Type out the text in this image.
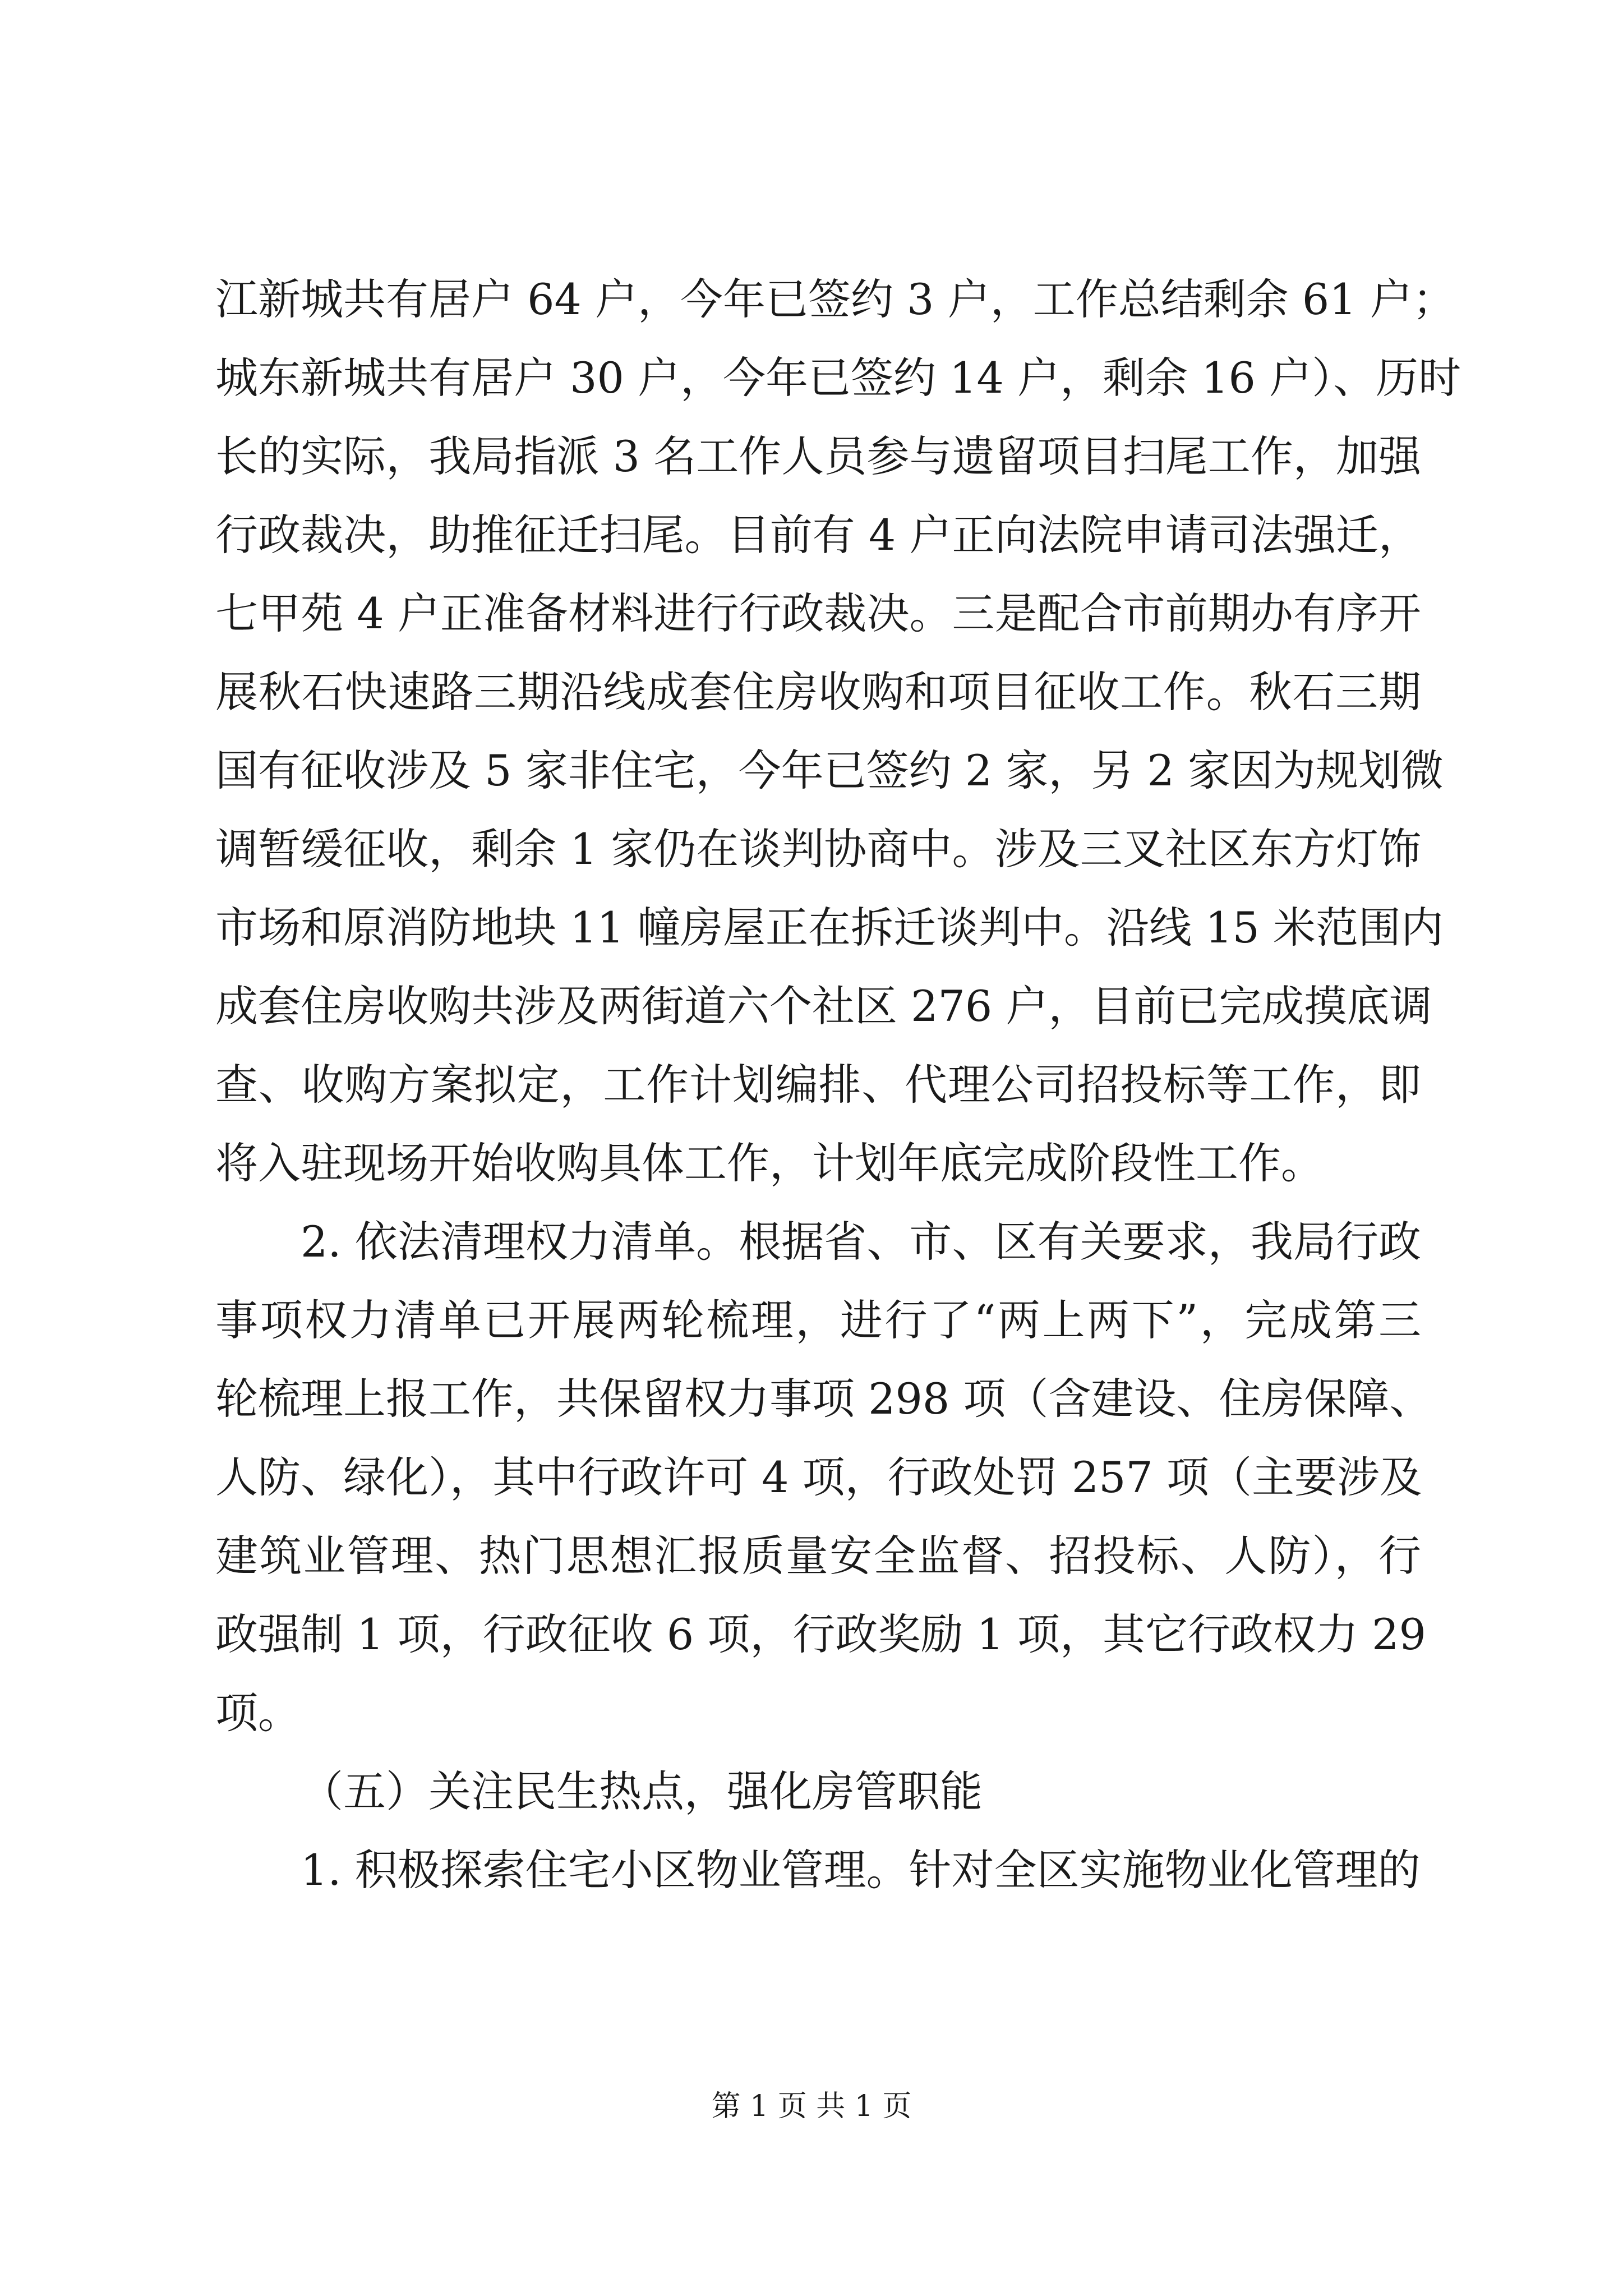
江新城共有居户 64 户，今年已签约 3 户，工作总结剩余 61 户；
城东新城共有居户 30 户，今年已签约 14 户，剩余 16 户）、历时
长的实际，我局指派 3 名工作人员参与遗留项目扫尾工作，加强
行政裁决，助推征迁扫尾。目前有 4 户正向法院申请司法强迁，
七甲苑 4 户正准备材料进行行政裁决。三是配合市前期办有序开
展秋石快速路三期沿线成套住房收购和项目征收工作。秋石三期
国有征收涉及 5 家非住宅，今年已签约 2 家，另 2 家因为规划微
调暂缓征收，剩余 1 家仍在谈判协商中。涉及三叉社区东方灯饰
市场和原消防地块 11 幢房屋正在拆迁谈判中。沿线 15 米范围内
成套住房收购共涉及两街道六个社区 276 户，目前已完成摸底调
查、收购方案拟定，工作计划编排、代理公司招投标等工作，即
将入驻现场开始收购具体工作，计划年底完成阶段性工作。
2. 依法清理权力清单。根据省、市、区有关要求，我局行政
事项权力清单已开展两轮梳理，进行了“两上两下”，完成第三
轮梳理上报工作，共保留权力事项 298 项（含建设、住房保障、
人防、绿化），其中行政许可 4 项，行政处罚 257 项（主要涉及
建筑业管理、热门思想汇报质量安全监督、招投标、人防），行
政强制 1 项，行政征收 6 项，行政奖励 1 项，其它行政权力 29
项。
（五）关注民生热点，强化房管职能
1. 积极探索住宅小区物业管理。针对全区实施物业化管理的
第 1 页 共 1 页
